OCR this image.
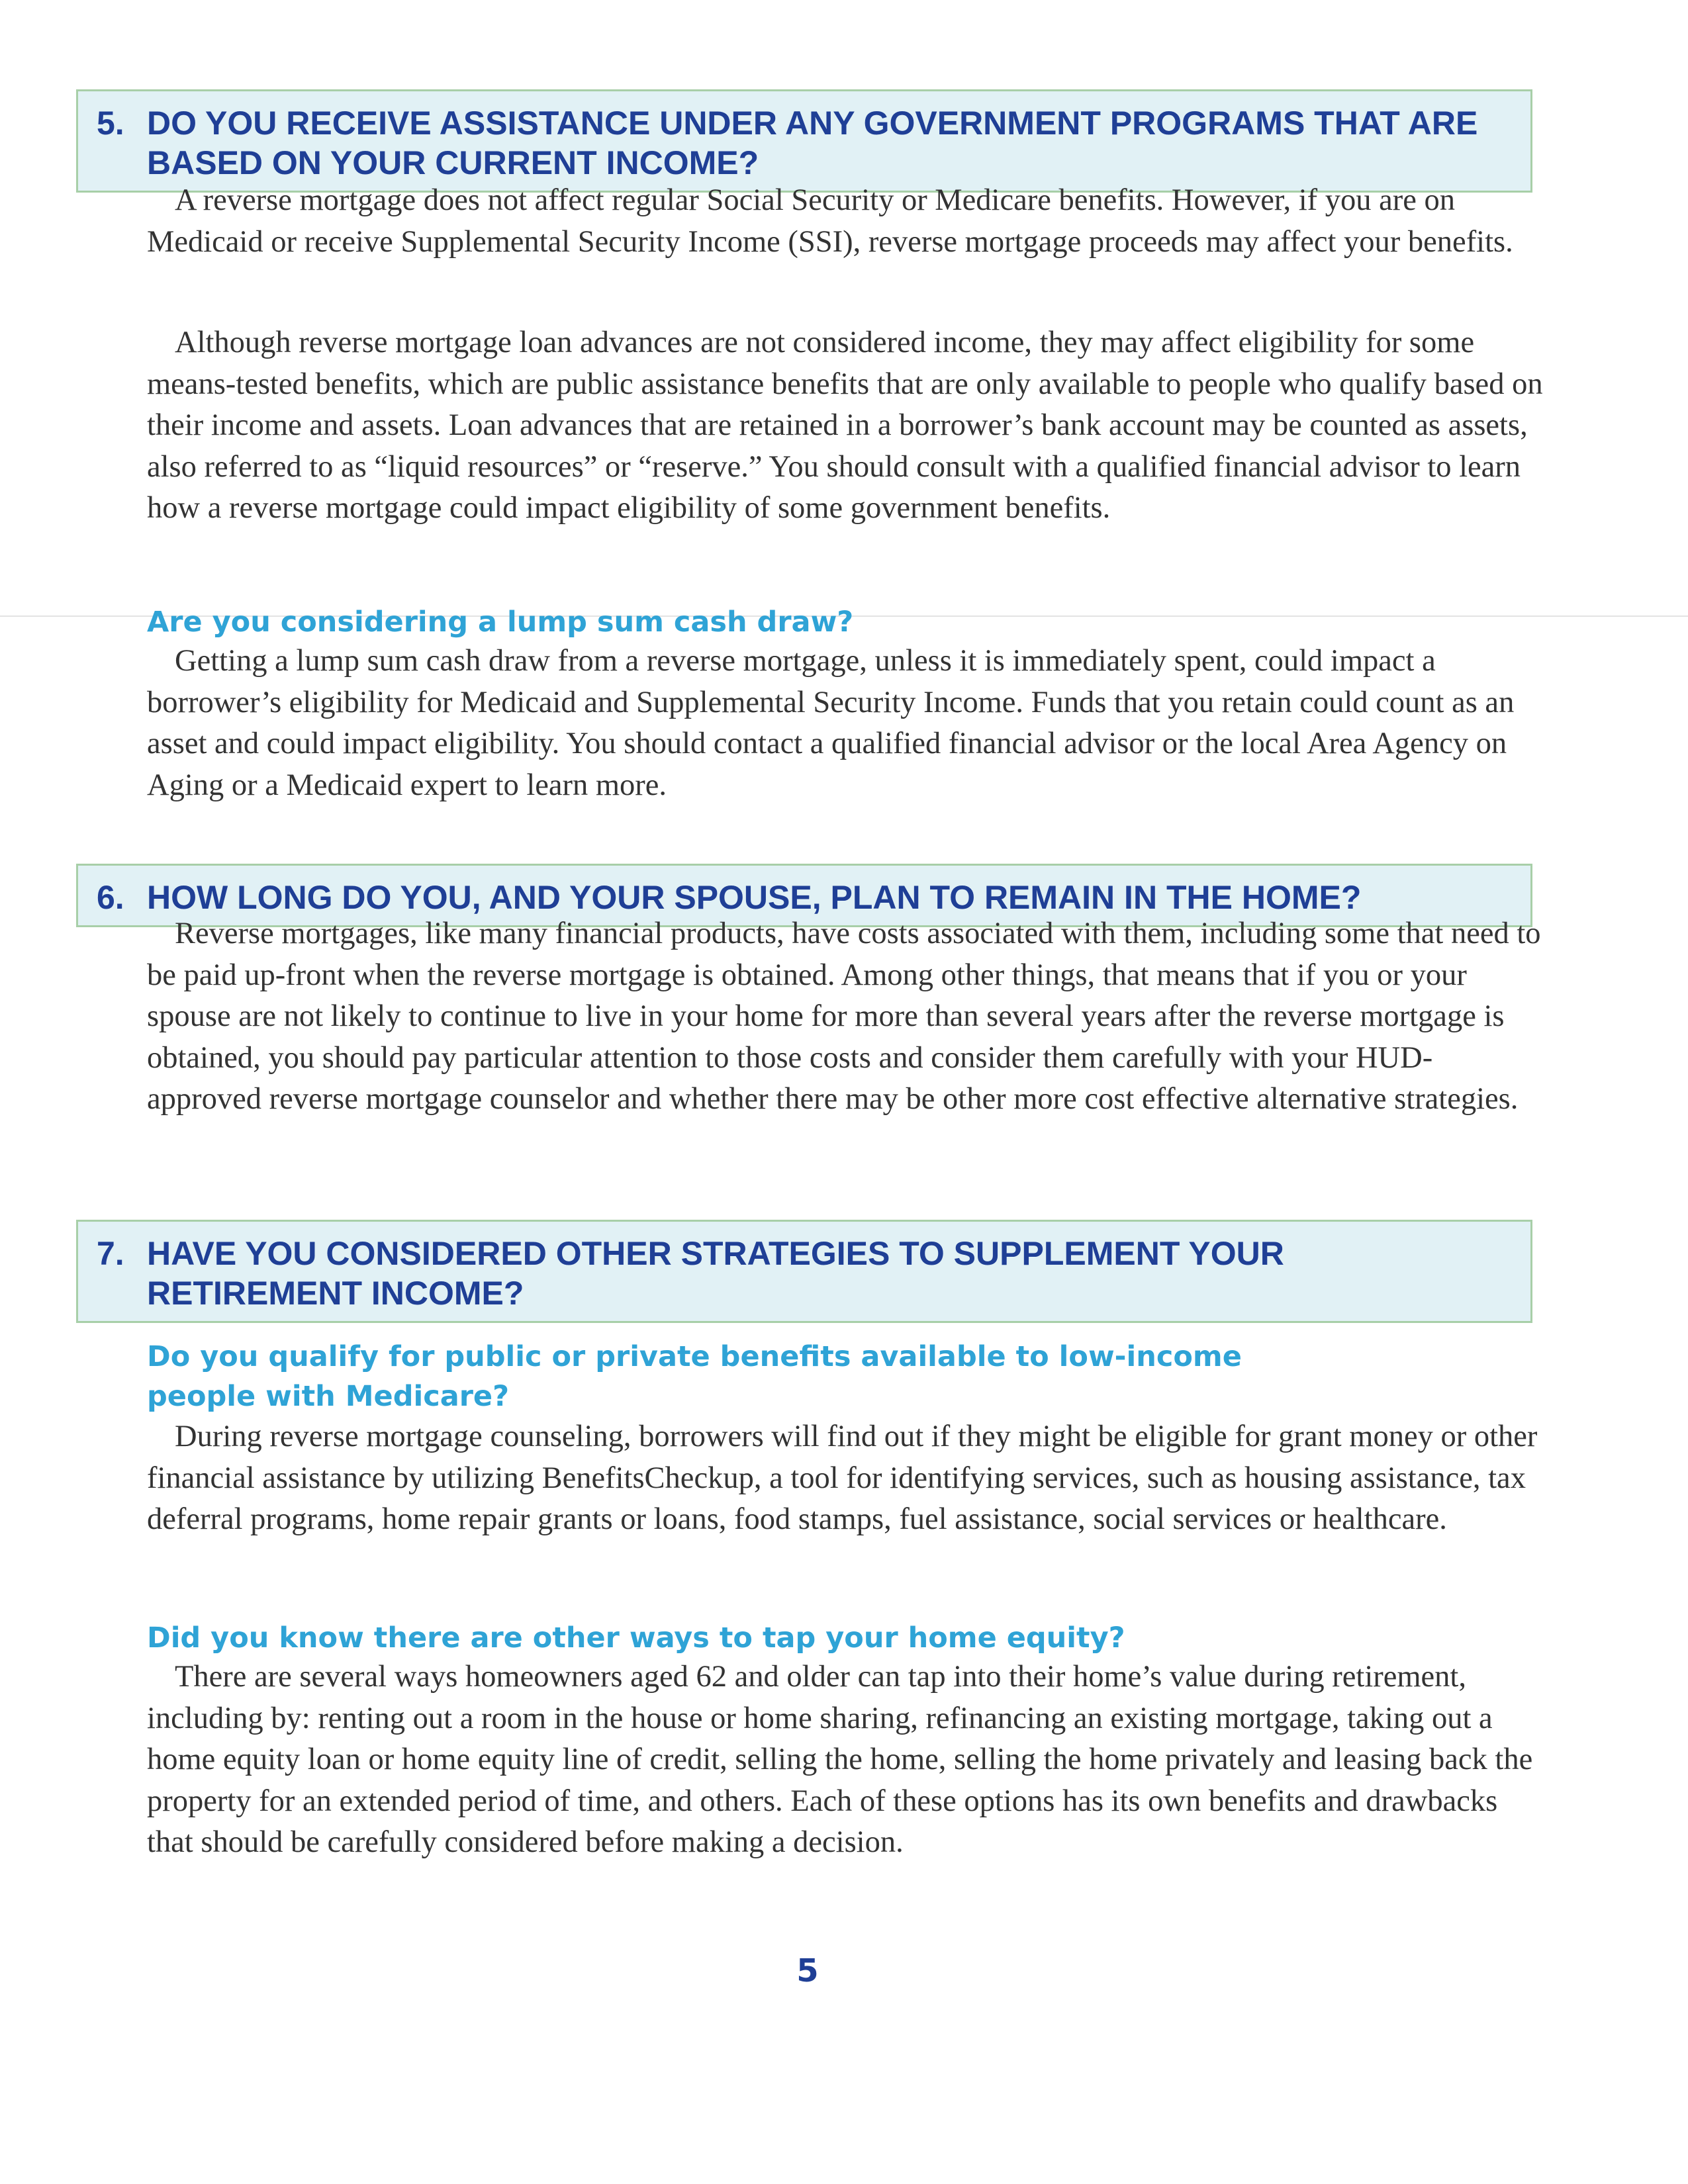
5. DO YOU RECEIVE ASSISTANCE UNDER ANY GOVERNMENT PROGRAMS THAT ARE
BASED ON YOUR CURRENT INCOME?

A reverse mortgage does not affect regular Social Security or Medicare benefits. However, if you are on Medicaid or receive Supplemental Security Income (SSI), reverse mortgage proceeds may affect your benefits.

Although reverse mortgage loan advances are not considered income, they may affect eligibility for some means-tested benefits, which are public assistance benefits that are only available to people who qualify based on their income and assets. Loan advances that are retained in a borrower’s bank account may be counted as assets, also referred to as “liquid resources” or “reserve.” You should consult with a qualified financial advisor to learn how a reverse mortgage could impact eligibility of some government benefits.

Are you considering a lump sum cash draw?

Getting a lump sum cash draw from a reverse mortgage, unless it is immediately spent, could impact a borrower’s eligibility for Medicaid and Supplemental Security Income. Funds that you retain could count as an asset and could impact eligibility. You should contact a qualified financial advisor or the local Area Agency on Aging or a Medicaid expert to learn more.

6. HOW LONG DO YOU, AND YOUR SPOUSE, PLAN TO REMAIN IN THE HOME?

Reverse mortgages, like many financial products, have costs associated with them, including some that need to be paid up-front when the reverse mortgage is obtained. Among other things, that means that if you or your spouse are not likely to continue to live in your home for more than several years after the reverse mortgage is obtained, you should pay particular attention to those costs and consider them carefully with your HUD-approved reverse mortgage counselor and whether there may be other more cost effective alternative strategies.

7. HAVE YOU CONSIDERED OTHER STRATEGIES TO SUPPLEMENT YOUR
RETIREMENT INCOME?
Do you qualify for public or private benefits available to low-income people with Medicare?

During reverse mortgage counseling, borrowers will find out if they might be eligible for grant money or other financial assistance by utilizing BenefitsCheckup, a tool for identifying services, such as housing assistance, tax deferral programs, home repair grants or loans, food stamps, fuel assistance, social services or healthcare.

Did you know there are other ways to tap your home equity?

There are several ways homeowners aged 62 and older can tap into their home’s value during retirement, including by: renting out a room in the house or home sharing, refinancing an existing mortgage, taking out a home equity loan or home equity line of credit, selling the home, selling the home privately and leasing back the property for an extended period of time, and others. Each of these options has its own benefits and drawbacks that should be carefully considered before making a decision.

5
